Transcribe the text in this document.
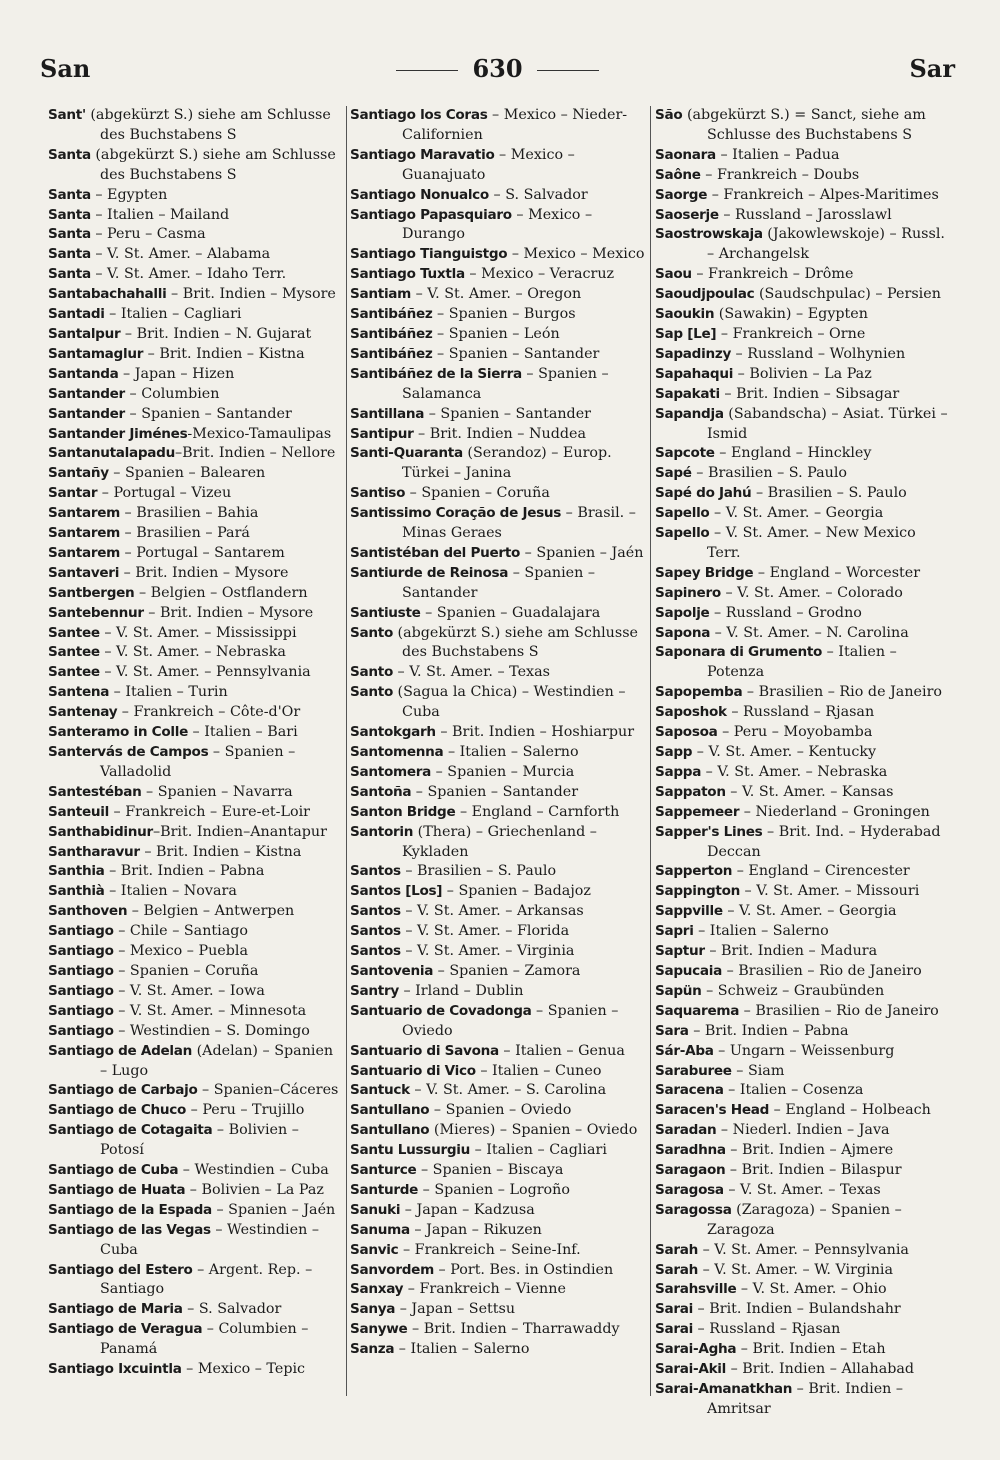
San	630	Sar
Sant' (abgekürzt S.) siehe am Schlusse des Buchstabens S
Santa (abgekürzt S.) siehe am Schlusse des Buchstabens S
Santa – Egypten
Santa – Italien – Mailand
Santa – Peru – Casma
Santa – V. St. Amer. – Alabama
Santa – V. St. Amer. – Idaho Terr.
Santabachahalli – Brit. Indien – Mysore
Santadi – Italien – Cagliari
Santalpur – Brit. Indien – N. Gujarat
Santamaglur – Brit. Indien – Kistna
Santanda – Japan – Hizen
Santander – Columbien
Santander – Spanien – Santander
Santander Jiménes-Mexico-Tamaulipas
Santanutalapadu–Brit. Indien – Nellore
Santañy – Spanien – Balearen
Santar – Portugal – Vizeu
Santarem – Brasilien – Bahia
Santarem – Brasilien – Pará
Santarem – Portugal – Santarem
Santaveri – Brit. Indien – Mysore
Santbergen – Belgien – Ostflandern
Santebennur – Brit. Indien – Mysore
Santee – V. St. Amer. – Mississippi
Santee – V. St. Amer. – Nebraska
Santee – V. St. Amer. – Pennsylvania
Santena – Italien – Turin
Santenay – Frankreich – Côte-d'Or
Santeramo in Colle – Italien – Bari
Santervás de Campos – Spanien – Valladolid
Santestéban – Spanien – Navarra
Santeuil – Frankreich – Eure-et-Loir
Santhabidinur–Brit. Indien–Anantapur
Santharavur – Brit. Indien – Kistna
Santhia – Brit. Indien – Pabna
Santhià – Italien – Novara
Santhoven – Belgien – Antwerpen
Santiago – Chile – Santiago
Santiago – Mexico – Puebla
Santiago – Spanien – Coruña
Santiago – V. St. Amer. – Iowa
Santiago – V. St. Amer. – Minnesota
Santiago – Westindien – S. Domingo
Santiago de Adelan (Adelan) – Spanien – Lugo
Santiago de Carbajo – Spanien–Cáceres
Santiago de Chuco – Peru – Trujillo
Santiago de Cotagaita – Bolivien – Potosí
Santiago de Cuba – Westindien – Cuba
Santiago de Huata – Bolivien – La Paz
Santiago de la Espada – Spanien – Jaén
Santiago de las Vegas – Westindien – Cuba
Santiago del Estero – Argent. Rep. – Santiago
Santiago de Maria – S. Salvador
Santiago de Veragua – Columbien – Panamá
Santiago Ixcuintla – Mexico – Tepic
Santiago los Coras – Mexico – Nieder-Californien
Santiago Maravatio – Mexico – Guanajuato
Santiago Nonualco – S. Salvador
Santiago Papasquiaro – Mexico – Durango
Santiago Tianguistgo – Mexico – Mexico
Santiago Tuxtla – Mexico – Veracruz
Santiam – V. St. Amer. – Oregon
Santibáñez – Spanien – Burgos
Santibáñez – Spanien – León
Santibáñez – Spanien – Santander
Santibáñez de la Sierra – Spanien – Salamanca
Santillana – Spanien – Santander
Santipur – Brit. Indien – Nuddea
Santi-Quaranta (Serandoz) – Europ. Türkei – Janina
Santiso – Spanien – Coruña
Santissimo Coração de Jesus – Brasil. – Minas Geraes
Santistéban del Puerto – Spanien – Jaén
Santiurde de Reinosa – Spanien – Santander
Santiuste – Spanien – Guadalajara
Santo (abgekürzt S.) siehe am Schlusse des Buchstabens S
Santo – V. St. Amer. – Texas
Santo (Sagua la Chica) – Westindien – Cuba
Santokgarh – Brit. Indien – Hoshiarpur
Santomenna – Italien – Salerno
Santomera – Spanien – Murcia
Santoña – Spanien – Santander
Santon Bridge – England – Carnforth
Santorin (Thera) – Griechenland – Kykladen
Santos – Brasilien – S. Paulo
Santos [Los] – Spanien – Badajoz
Santos – V. St. Amer. – Arkansas
Santos – V. St. Amer. – Florida
Santos – V. St. Amer. – Virginia
Santovenia – Spanien – Zamora
Santry – Irland – Dublin
Santuario de Covadonga – Spanien – Oviedo
Santuario di Savona – Italien – Genua
Santuario di Vico – Italien – Cuneo
Santuck – V. St. Amer. – S. Carolina
Santullano – Spanien – Oviedo
Santullano (Mieres) – Spanien – Oviedo
Santu Lussurgiu – Italien – Cagliari
Santurce – Spanien – Biscaya
Santurde – Spanien – Logroño
Sanuki – Japan – Kadzusa
Sanuma – Japan – Rikuzen
Sanvic – Frankreich – Seine-Inf.
Sanvordem – Port. Bes. in Ostindien
Sanxay – Frankreich – Vienne
Sanya – Japan – Settsu
Sanywe – Brit. Indien – Tharrawaddy
Sanza – Italien – Salerno
São (abgekürzt S.) = Sanct, siehe am Schlusse des Buchstabens S
Saonara – Italien – Padua
Saône – Frankreich – Doubs
Saorge – Frankreich – Alpes-Maritimes
Saoserje – Russland – Jarosslawl
Saostrowskaja (Jakowlewskoje) – Russl. – Archangelsk
Saou – Frankreich – Drôme
Saoudjpoulac (Saudschpulac) – Persien
Saoukin (Sawakin) – Egypten
Sap [Le] – Frankreich – Orne
Sapadinzy – Russland – Wolhynien
Sapahaqui – Bolivien – La Paz
Sapakati – Brit. Indien – Sibsagar
Sapandja (Sabandscha) – Asiat. Türkei – Ismid
Sapcote – England – Hinckley
Sapé – Brasilien – S. Paulo
Sapé do Jahú – Brasilien – S. Paulo
Sapello – V. St. Amer. – Georgia
Sapello – V. St. Amer. – New Mexico Terr.
Sapey Bridge – England – Worcester
Sapinero – V. St. Amer. – Colorado
Sapolje – Russland – Grodno
Sapona – V. St. Amer. – N. Carolina
Saponara di Grumento – Italien – Potenza
Sapopemba – Brasilien – Rio de Janeiro
Saposhok – Russland – Rjasan
Saposoa – Peru – Moyobamba
Sapp – V. St. Amer. – Kentucky
Sappa – V. St. Amer. – Nebraska
Sappaton – V. St. Amer. – Kansas
Sappemeer – Niederland – Groningen
Sapper's Lines – Brit. Ind. – Hyderabad Deccan
Sapperton – England – Cirencester
Sappington – V. St. Amer. – Missouri
Sappville – V. St. Amer. – Georgia
Sapri – Italien – Salerno
Saptur – Brit. Indien – Madura
Sapucaia – Brasilien – Rio de Janeiro
Sapün – Schweiz – Graubünden
Saquarema – Brasilien – Rio de Janeiro
Sara – Brit. Indien – Pabna
Sár-Aba – Ungarn – Weissenburg
Saraburee – Siam
Saracena – Italien – Cosenza
Saracen's Head – England – Holbeach
Saradan – Niederl. Indien – Java
Saradhna – Brit. Indien – Ajmere
Saragaon – Brit. Indien – Bilaspur
Saragosa – V. St. Amer. – Texas
Saragossa (Zaragoza) – Spanien – Zaragoza
Sarah – V. St. Amer. – Pennsylvania
Sarah – V. St. Amer. – W. Virginia
Sarahsville – V. St. Amer. – Ohio
Sarai – Brit. Indien – Bulandshahr
Sarai – Russland – Rjasan
Sarai-Agha – Brit. Indien – Etah
Sarai-Akil – Brit. Indien – Allahabad
Sarai-Amanatkhan – Brit. Indien – Amritsar
